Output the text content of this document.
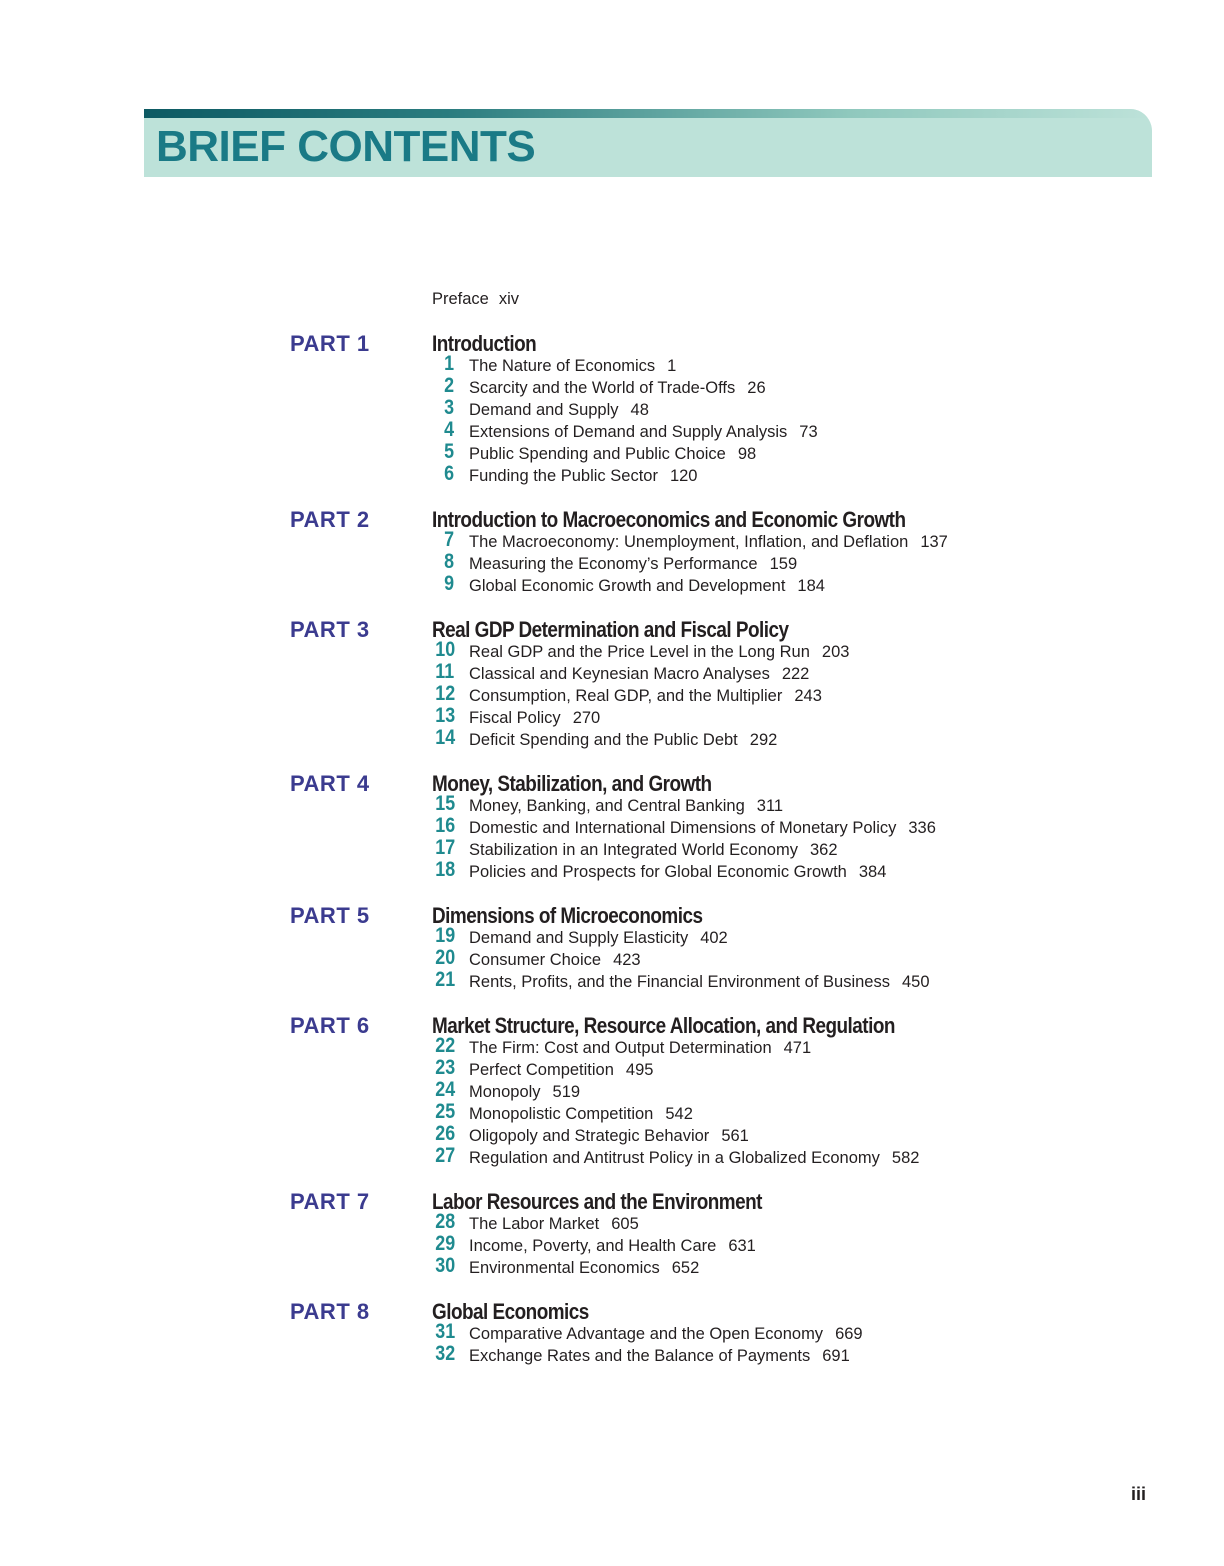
BRIEF CONTENTS
Preface xiv
PART 1	Introduction
1 The Nature of Economics 1
2 Scarcity and the World of Trade-Offs 26
3 Demand and Supply 48
4 Extensions of Demand and Supply Analysis 73
5 Public Spending and Public Choice 98
6 Funding the Public Sector 120
PART 2	Introduction to Macroeconomics and Economic Growth
7 The Macroeconomy: Unemployment, Inflation, and Deflation 137
8 Measuring the Economy’s Performance 159
9 Global Economic Growth and Development 184
PART 3	Real GDP Determination and Fiscal Policy
10 Real GDP and the Price Level in the Long Run 203
11 Classical and Keynesian Macro Analyses 222
12 Consumption, Real GDP, and the Multiplier 243
13 Fiscal Policy 270
14 Deficit Spending and the Public Debt 292
PART 4	Money, Stabilization, and Growth
15 Money, Banking, and Central Banking 311
16 Domestic and International Dimensions of Monetary Policy 336
17 Stabilization in an Integrated World Economy 362
18 Policies and Prospects for Global Economic Growth 384
PART 5	Dimensions of Microeconomics
19 Demand and Supply Elasticity 402
20 Consumer Choice 423
21 Rents, Profits, and the Financial Environment of Business 450
PART 6	Market Structure, Resource Allocation, and Regulation
22 The Firm: Cost and Output Determination 471
23 Perfect Competition 495
24 Monopoly 519
25 Monopolistic Competition 542
26 Oligopoly and Strategic Behavior 561
27 Regulation and Antitrust Policy in a Globalized Economy 582
PART 7	Labor Resources and the Environment
28 The Labor Market 605
29 Income, Poverty, and Health Care 631
30 Environmental Economics 652
PART 8	Global Economics
31 Comparative Advantage and the Open Economy 669
32 Exchange Rates and the Balance of Payments 691
iii
